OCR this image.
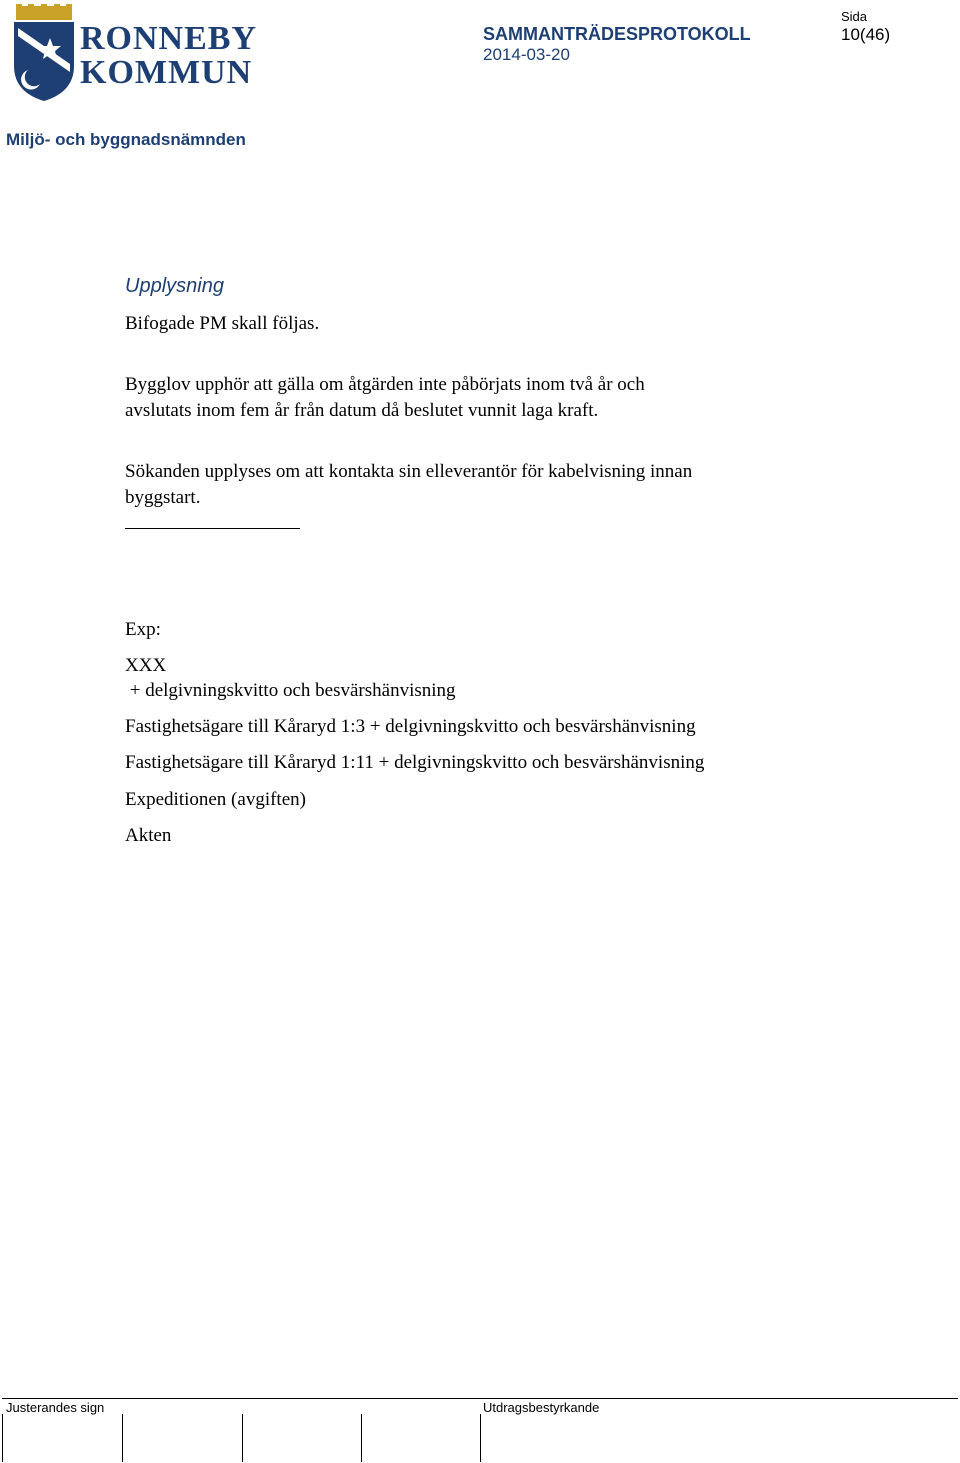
RONNEBY
KOMMUN
SAMMANTRÄDESPROTOKOLL
2014-03-20
Sida
10(46)
Miljö- och byggnadsnämnden
Upplysning
Bifogade PM skall följas.
Bygglov upphör att gälla om åtgärden inte påbörjats inom två år och
avslutats inom fem år från datum då beslutet vunnit laga kraft.
Sökanden upplyses om att kontakta sin elleverantör för kabelvisning innan
byggstart.
Exp:
XXX
+ delgivningskvitto och besvärshänvisning
Fastighetsägare till Kåraryd 1:3 + delgivningskvitto och besvärshänvisning
Fastighetsägare till Kåraryd 1:11 + delgivningskvitto och besvärshänvisning
Expeditionen (avgiften)
Akten
Justerandes sign	Utdragsbestyrkande
